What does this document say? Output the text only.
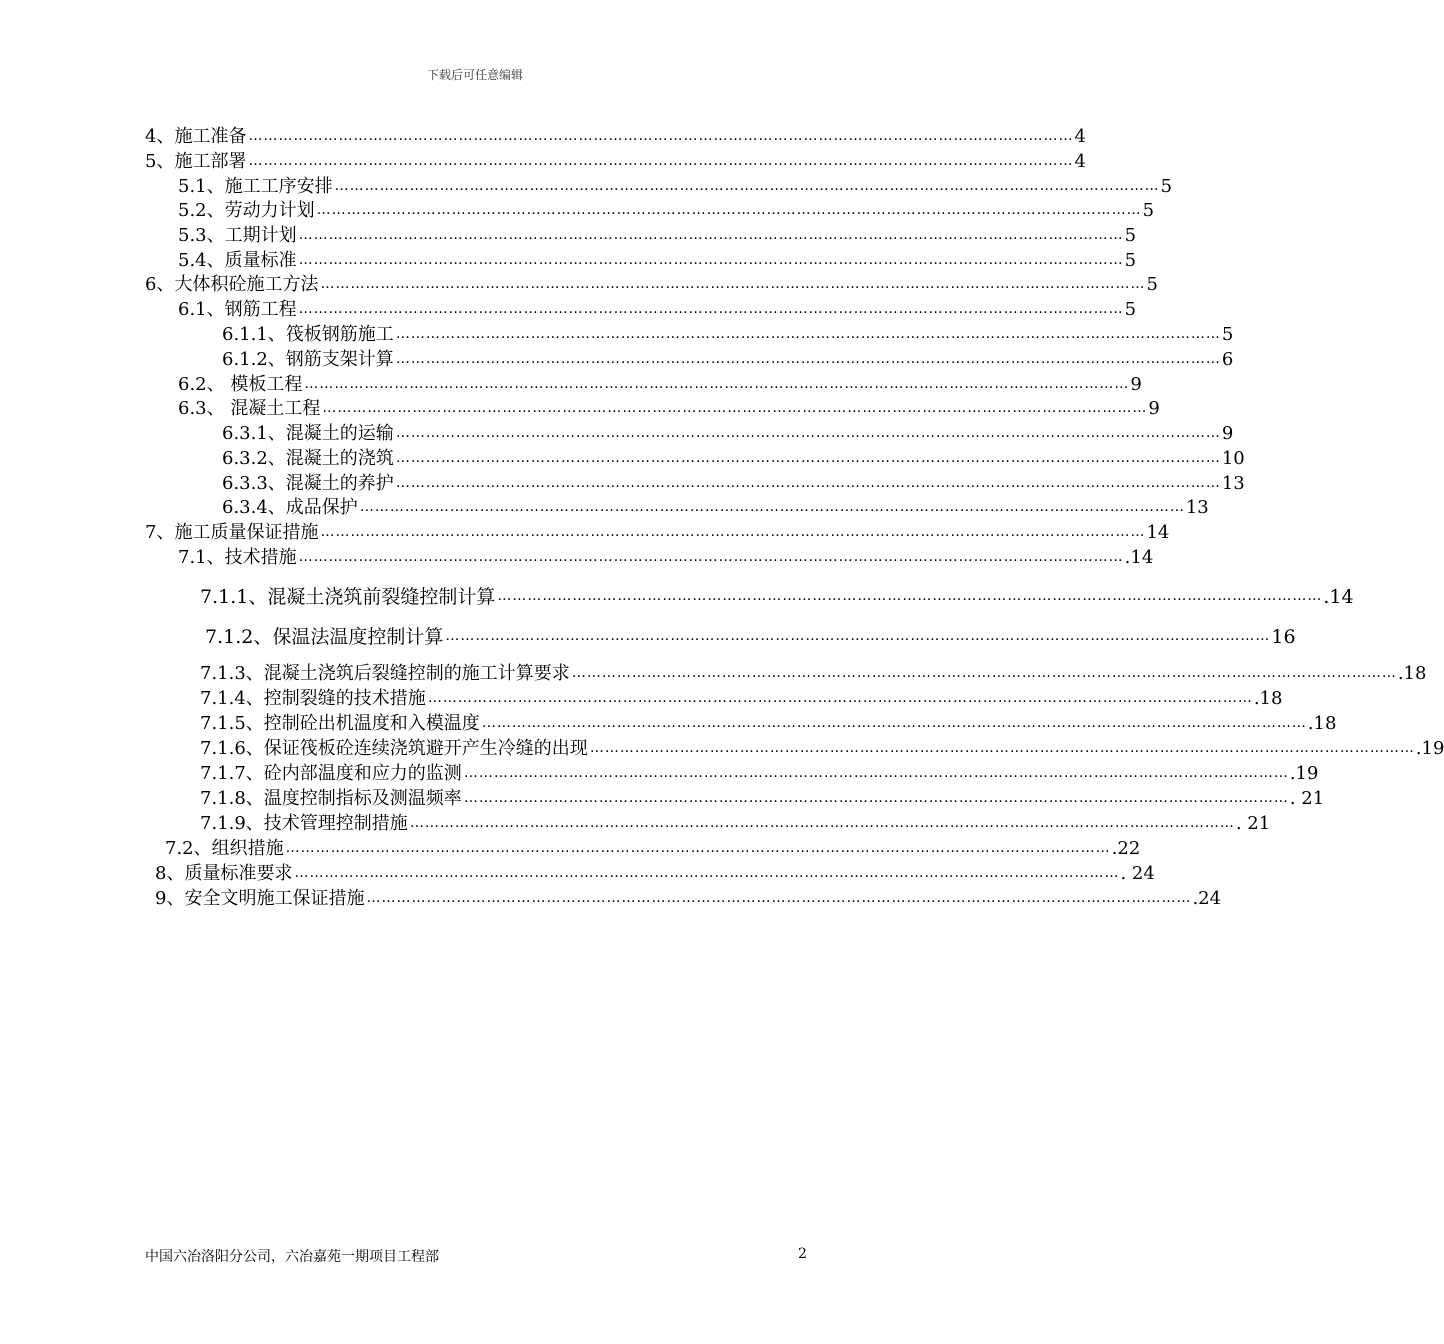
下载后可任意编辑
4、施工准备 ………………………………………………………………………………………………………………………………………………… 4
5、施工部署 ………………………………………………………………………………………………………………………………………………… 4
5.1、施工工序安排 ………………………………………………………………………………………………………………………………………………… 5
5.2、劳动力计划 ………………………………………………………………………………………………………………………………………………… 5
5.3、工期计划 ………………………………………………………………………………………………………………………………………………… 5
5.4、质量标准 ………………………………………………………………………………………………………………………………………………… 5
6、大体积砼施工方法 ………………………………………………………………………………………………………………………………………………… 5
6.1、钢筋工程 ………………………………………………………………………………………………………………………………………………… 5
6.1.1、筏板钢筋施工 ………………………………………………………………………………………………………………………………………………… 5
6.1.2、钢筋支架计算 ………………………………………………………………………………………………………………………………………………… 6
6.2、 模板工程 ………………………………………………………………………………………………………………………………………………… 9
6.3、 混凝土工程 ………………………………………………………………………………………………………………………………………………… 9
6.3.1、混凝土的运输 ………………………………………………………………………………………………………………………………………………… 9
6.3.2、混凝土的浇筑 ………………………………………………………………………………………………………………………………………………… 10
6.3.3、混凝土的养护 ………………………………………………………………………………………………………………………………………………… 13
6.3.4、成品保护 ………………………………………………………………………………………………………………………………………………… 13
7、施工质量保证措施 ………………………………………………………………………………………………………………………………………………… 14
7.1、技术措施 ………………………………………………………………………………………………………………………………………………… .14
7.1.1、混凝土浇筑前裂缝控制计算 ………………………………………………………………………………………………………………………………………………… .14
7.1.2、保温法温度控制计算 ………………………………………………………………………………………………………………………………………………… 16
7.1.3、混凝土浇筑后裂缝控制的施工计算要求 ………………………………………………………………………………………………………………………………………………… .18
7.1.4、控制裂缝的技术措施 ………………………………………………………………………………………………………………………………………………… .18
7.1.5、控制砼出机温度和入模温度 ………………………………………………………………………………………………………………………………………………… .18
7.1.6、保证筏板砼连续浇筑避开产生冷缝的出现 ………………………………………………………………………………………………………………………………………………… .19
7.1.7、砼内部温度和应力的监测 ………………………………………………………………………………………………………………………………………………… .19
7.1.8、温度控制指标及测温频率 ………………………………………………………………………………………………………………………………………………… . 21
7.1.9、技术管理控制措施 ………………………………………………………………………………………………………………………………………………… . 21
7.2、组织措施 ………………………………………………………………………………………………………………………………………………… .22
8、质量标准要求 ………………………………………………………………………………………………………………………………………………… . 24
9、安全文明施工保证措施 ………………………………………………………………………………………………………………………………………………… .24
中国六冶洛阳分公司，六冶嘉苑一期项目工程部	2
